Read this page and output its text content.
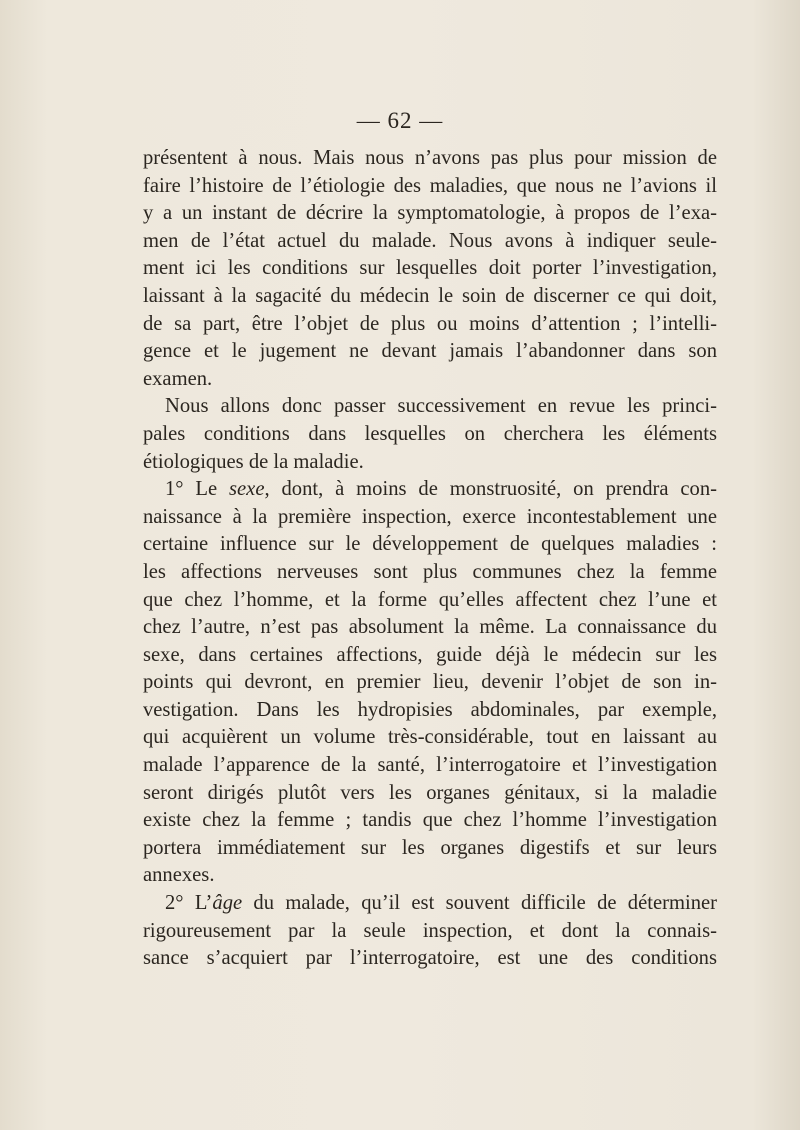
— 62 —
présentent à nous. Mais nous n’avons pas plus pour mission de
faire l’histoire de l’étiologie des maladies, que nous ne l’avions il
y a un instant de décrire la symptomatologie, à propos de l’exa-
men de l’état actuel du malade. Nous avons à indiquer seule-
ment ici les conditions sur lesquelles doit porter l’investigation,
laissant à la sagacité du médecin le soin de discerner ce qui doit,
de sa part, être l’objet de plus ou moins d’attention ; l’intelli-
gence et le jugement ne devant jamais l’abandonner dans son
examen.
Nous allons donc passer successivement en revue les princi-
pales conditions dans lesquelles on cherchera les éléments
étiologiques de la maladie.
1° Le sexe, dont, à moins de monstruosité, on prendra con-
naissance à la première inspection, exerce incontestablement une
certaine influence sur le développement de quelques maladies :
les affections nerveuses sont plus communes chez la femme
que chez l’homme, et la forme qu’elles affectent chez l’une et
chez l’autre, n’est pas absolument la même. La connaissance du
sexe, dans certaines affections, guide déjà le médecin sur les
points qui devront, en premier lieu, devenir l’objet de son in-
vestigation. Dans les hydropisies abdominales, par exemple,
qui acquièrent un volume très-considérable, tout en laissant au
malade l’apparence de la santé, l’interrogatoire et l’investigation
seront dirigés plutôt vers les organes génitaux, si la maladie
existe chez la femme ; tandis que chez l’homme l’investigation
portera immédiatement sur les organes digestifs et sur leurs
annexes.
2° L’âge du malade, qu’il est souvent difficile de déterminer
rigoureusement par la seule inspection, et dont la connais-
sance s’acquiert par l’interrogatoire, est une des conditions
